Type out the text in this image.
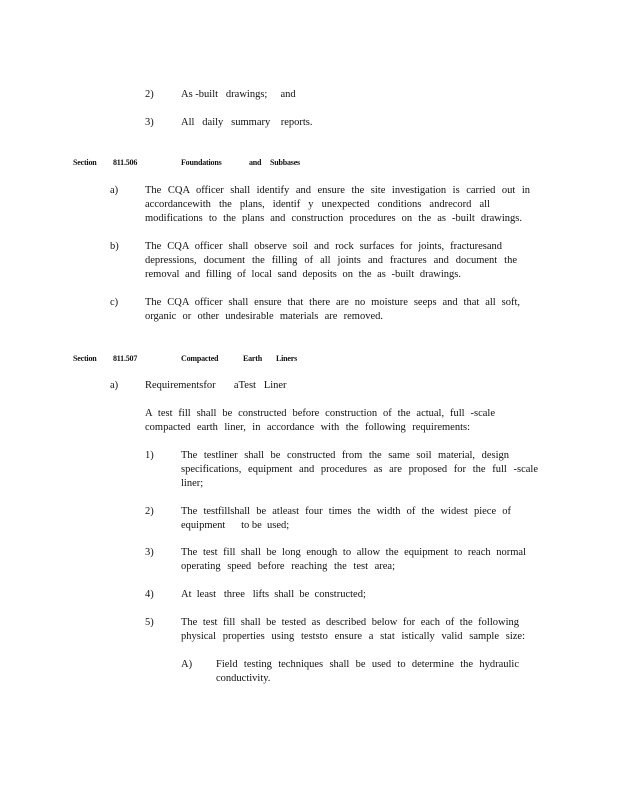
2)	As -built   drawings;     and
3)	All   daily   summary    reports.
Section 811.506	Foundations	and Subbases
a)	The CQA officer shall identify and ensure the site investigation is carried out in
accordancewith the plans, identif y unexpected conditions andrecord all
modifications to the plans and construction procedures on the as -built drawings.
b)	The CQA officer shall observe soil and rock surfaces for joints, fracturesand
depressions, document the filling of all joints and fractures and document the
removal and filling of local sand deposits on the as -built drawings.
c)	The CQA officer shall ensure that there are no moisture seeps and that all soft,
organic or other undesirable materials are removed.
Section 811.507	Compacted	Earth Liners
a)	Requirementsfor       aTest   Liner
A test fill shall be constructed before construction of the actual, full -scale
compacted earth liner, in accordance with the following requirements:
1)	The testliner shall be constructed from the same soil material, design
specifications, equipment and procedures as are proposed for the full -scale
liner;
2)	The testfillshall be atleast four times the width of the widest piece of
equipment      to be  used;
3)	The test fill shall be long enough to allow the equipment to reach normal
operating speed before reaching the test area;
4)	At  least   three   lifts  shall  be  constructed;
5)	The test fill shall be tested as described below for each of the following
physical properties using teststo ensure a stat istically valid sample size:
A) Field testing techniques shall be used to determine the hydraulic
conductivity.
